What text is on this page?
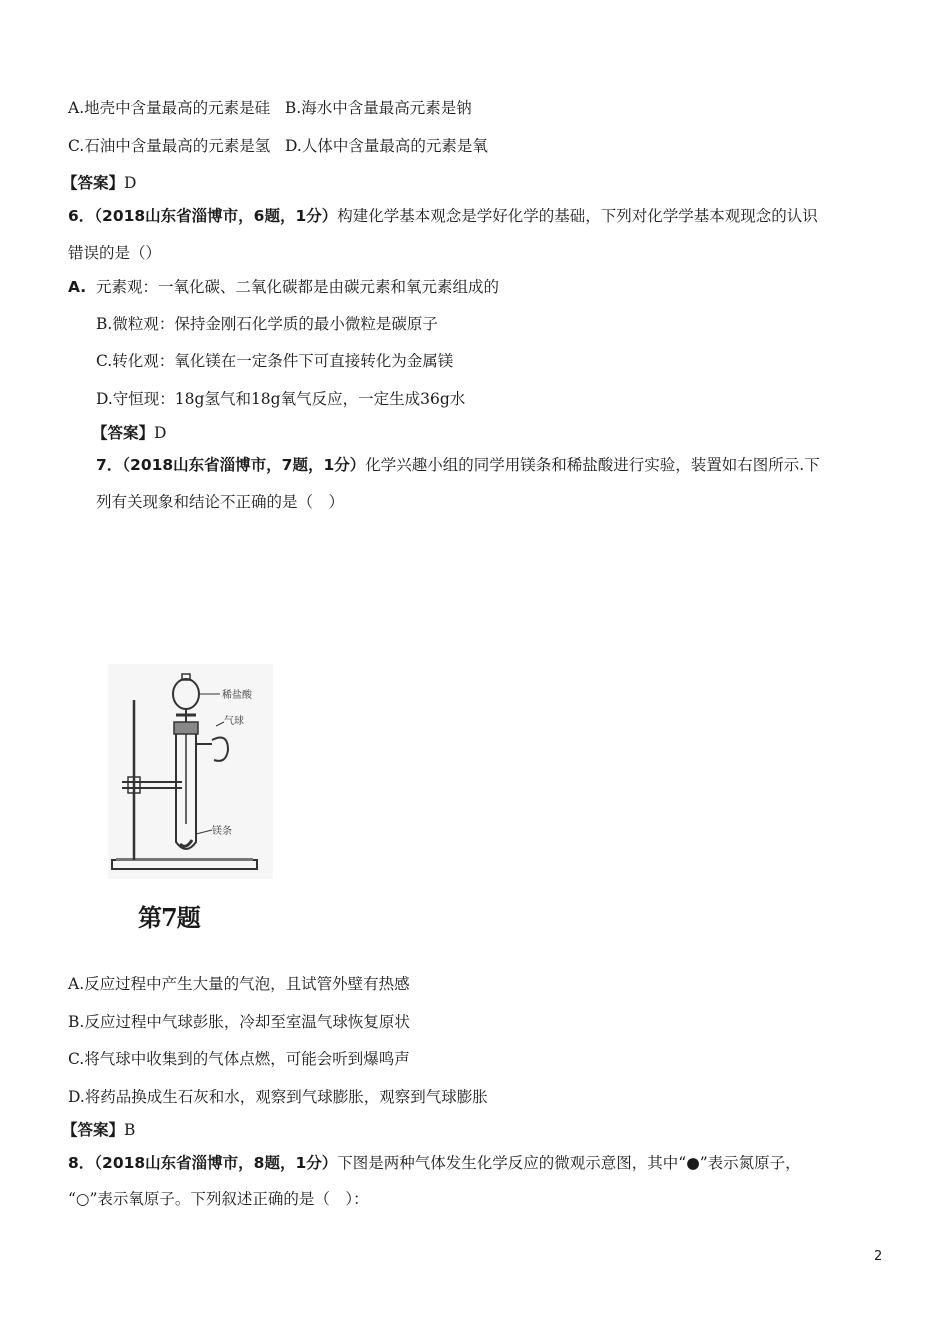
A.地壳中含量最高的元素是硅 B.海水中含量最高元素是钠
C.石油中含量最高的元素是氢 D.人体中含量最高的元素是氧
【答案】D
6．（2018山东省淄博市，6题，1分）构建化学基本观念是学好化学的基础，下列对化学学基本观现念的认识
错误的是（）
A. 元素观：一氧化碳、二氧化碳都是由碳元素和氧元素组成的
B.微粒观：保持金刚石化学质的最小微粒是碳原子
C.转化观：氧化镁在一定条件下可直接转化为金属镁
D.守恒现：18g氢气和18g氧气反应，一定生成36g水
【答案】D
7．（2018山东省淄博市，7题，1分）化学兴趣小组的同学用镁条和稀盐酸进行实验，装置如右图所示.下
列有关现象和结论不正确的是（　）
稀盐酸
气球
镁条
第7题
A.反应过程中产生大量的气泡，且试管外壁有热感
B.反应过程中气球彭胀，冷却至室温气球恢复原状
C.将气球中收集到的气体点燃，可能会听到爆鸣声
D.将药品换成生石灰和水，观察到气球膨胀，观察到气球膨胀
【答案】B
8．（2018山东省淄博市，8题，1分）下图是两种气体发生化学反应的微观示意图，其中“●”表示氮原子，
“○”表示氧原子。下列叙述正确的是（　）：
2
